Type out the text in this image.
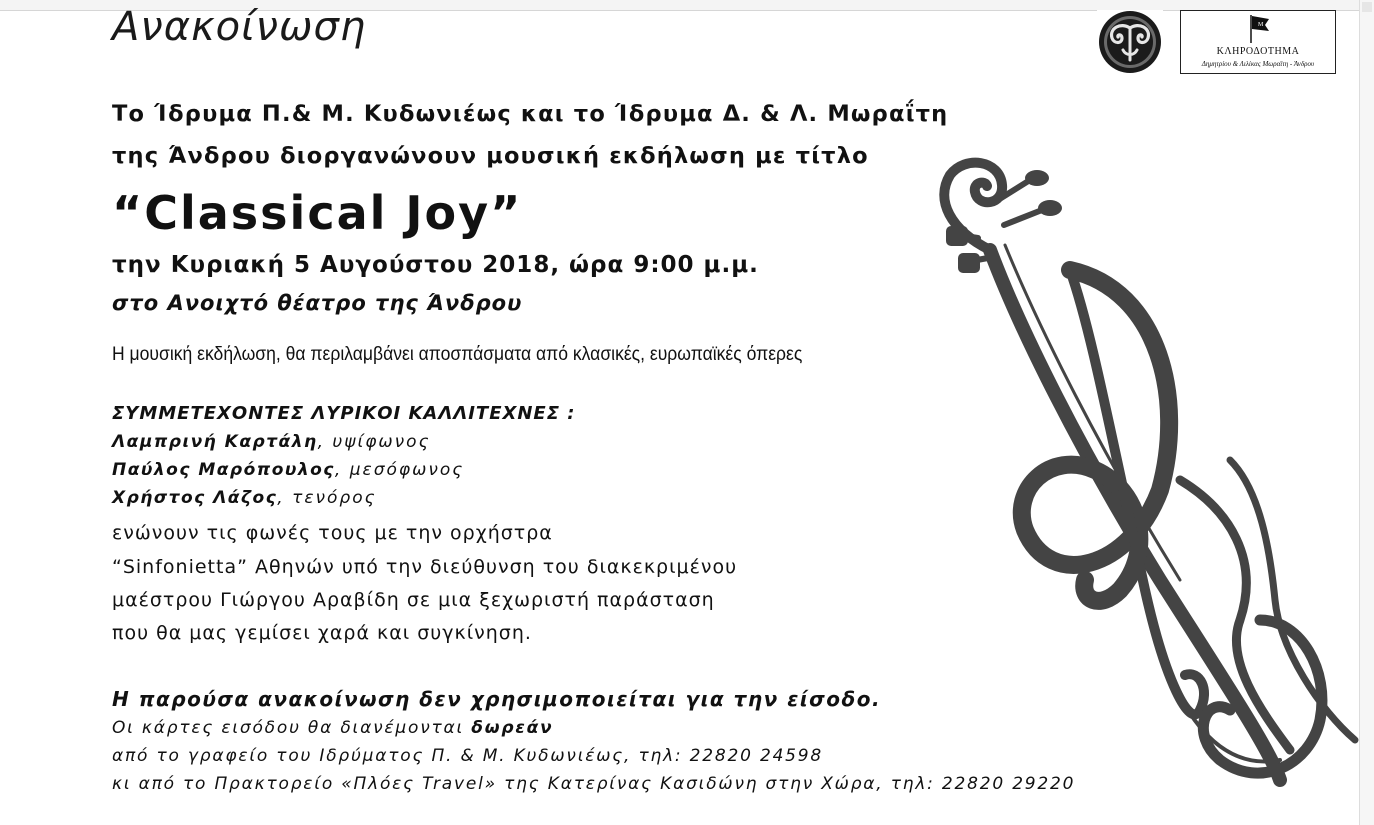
Ανακοίνωση
Το Ίδρυμα Π.& Μ. Κυδωνιέως και το Ίδρυμα Δ. & Λ. Μωραΐτη
της Άνδρου διοργανώνουν μουσική εκδήλωση με τίτλο
“Classical Joy”
την Κυριακή 5 Αυγούστου 2018, ώρα 9:00 μ.μ.
στο Ανοιχτό θέατρο της Άνδρου
Η μουσική εκδήλωση, θα περιλαμβάνει αποσπάσματα από κλασικές, ευρωπαϊκές όπερες
ΣΥΜΜΕΤΕΧΟΝΤΕΣ ΛΥΡΙΚΟΙ ΚΑΛΛΙΤΕΧΝΕΣ :
Λαμπρινή Καρτάλη, υψίφωνος
Παύλος Μαρόπουλος, μεσόφωνος
Χρήστος Λάζος, τενόρος
ενώνουν τις φωνές τους με την ορχήστρα
“Sinfonietta” Αθηνών υπό την διεύθυνση του διακεκριμένου
μαέστρου Γιώργου Αραβίδη σε μια ξεχωριστή παράσταση
που θα μας γεμίσει χαρά και συγκίνηση.
Η παρούσα ανακοίνωση δεν χρησιμοποιείται για την είσοδο.
Οι κάρτες εισόδου θα διανέμονται δωρεάν
από το γραφείο του Ιδρύματος Π. & Μ. Κυδωνιέως, τηλ: 22820 24598
κι από το Πρακτορείο «Πλόες Travel» της Κατερίνας Κασιδώνη στην Χώρα, τηλ: 22820 29220
M
ΚΛΗΡΟΔΟΤΗΜΑ
Δημητρίου & Λιλίκας Μωραΐτη - Άνδρου
